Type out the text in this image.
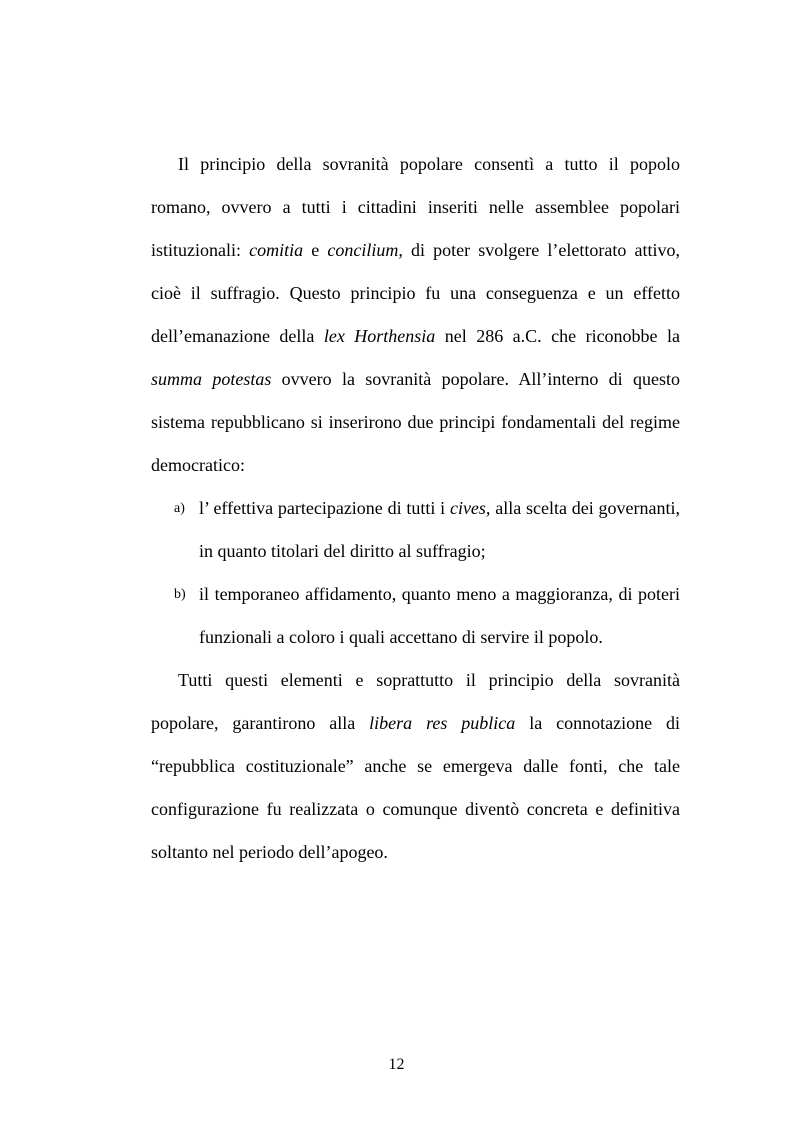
Il principio della sovranità popolare consentì a tutto il popolo romano, ovvero a tutti i cittadini inseriti nelle assemblee popolari istituzionali: comitia e concilium, di poter svolgere l’elettorato attivo, cioè il suffragio. Questo principio fu una conseguenza e un effetto dell’emanazione della lex Horthensia nel 286 a.C. che riconobbe la summa potestas ovvero la sovranità popolare. All’interno di questo sistema repubblicano si inserirono due principi fondamentali del regime democratico:

a) l’ effettiva partecipazione di tutti i cives, alla scelta dei governanti, in quanto titolari del diritto al suffragio;
b) il temporaneo affidamento, quanto meno a maggioranza, di poteri funzionali a coloro i quali accettano di servire il popolo.

Tutti questi elementi e soprattutto il principio della sovranità popolare, garantirono alla libera res publica la connotazione di “repubblica costituzionale” anche se emergeva dalle fonti, che tale configurazione fu realizzata o comunque diventò concreta e definitiva soltanto nel periodo dell’apogeo.

12
